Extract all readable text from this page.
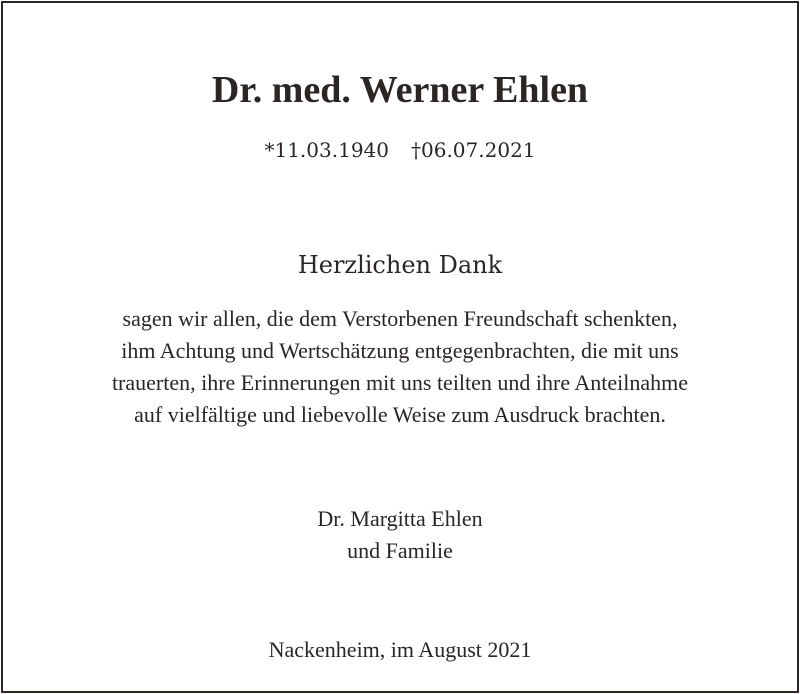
Dr. med. Werner Ehlen
*11.03.1940 †06.07.2021
Herzlichen Dank
sagen wir allen, die dem Verstorbenen Freundschaft schenkten,
ihm Achtung und Wertschätzung entgegenbrachten, die mit uns
trauerten, ihre Erinnerungen mit uns teilten und ihre Anteilnahme
auf vielfältige und liebevolle Weise zum Ausdruck brachten.
Dr. Margitta Ehlen
und Familie
Nackenheim, im August 2021
